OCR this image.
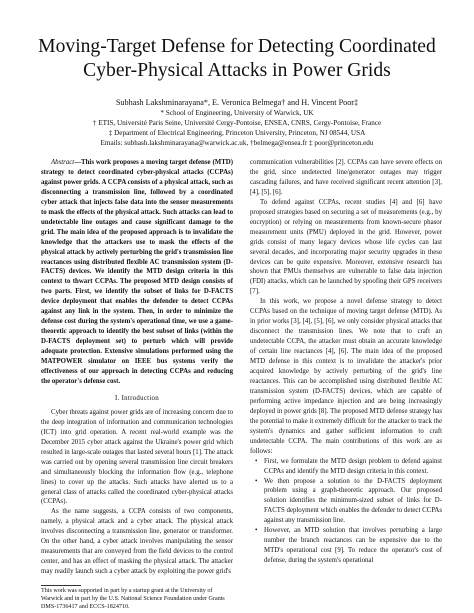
Moving-Target Defense for Detecting Coordinated Cyber-Physical Attacks in Power Grids
Subhash Lakshminarayana*, E. Veronica Belmega† and H. Vincent Poor‡
* School of Engineering, University of Warwick, UK
† ETIS, Université Paris Seine, Université Cergy-Pontoise, ENSEA, CNRS, Cergy-Pontoise, France
‡ Department of Electrical Engineering, Princeton University, Princeton, NJ 08544, USA
Emails: subhash.lakshminarayana@warwick.ac.uk, †belmega@ensea.fr ‡ poor@princeton.edu

Abstract—This work proposes a moving target defense (MTD) strategy to detect coordinated cyber-physical attacks (CCPAs) against power grids. A CCPA consists of a physical attack, such as disconnecting a transmission line, followed by a coordinated cyber attack that injects false data into the sensor measurements to mask the effects of the physical attack. Such attacks can lead to undetectable line outages and cause significant damage to the grid. The main idea of the proposed approach is to invalidate the knowledge that the attackers use to mask the effects of the physical attack by actively perturbing the grid's transmission line reactances using distributed flexible AC transmission system (D-FACTS) devices. We identify the MTD design criteria in this context to thwart CCPAs. The proposed MTD design consists of two parts. First, we identify the subset of links for D-FACTS device deployment that enables the defender to detect CCPAs against any link in the system. Then, in order to minimize the defense cost during the system's operational time, we use a game-theoretic approach to identify the best subset of links (within the D-FACTS deployment set) to perturb which will provide adequate protection. Extensive simulations performed using the MATPOWER simulator on IEEE bus systems verify the effectiveness of our approach in detecting CCPAs and reducing the operator's defense cost.

I. Introduction

Cyber threats against power grids are of increasing concern due to the deep integration of information and communication technologies (ICT) into grid operation. A recent real-world example was the December 2015 cyber attack against the Ukraine's power grid which resulted in large-scale outages that lasted several hours [1]. The attack was carried out by opening several transmission line circuit breakers and simultaneously blocking the information flow (e.g., telephone lines) to cover up the attacks. Such attacks have alerted us to a general class of attacks called the coordinated cyber-physical attacks (CCPAs).

As the name suggests, a CCPA consists of two components, namely, a physical attack and a cyber attack. The physical attack involves disconnecting a transmission line, generator or transformer. On the other hand, a cyber attack involves manipulating the sensor measurements that are conveyed from the field devices to the control center, and has an effect of masking the physical attack. The attacker may readily launch such a cyber attack by exploiting the power grid's

This work was supported in part by a startup grant at the University of Warwick and in part by the U.S. National Science Foundation under Grants DMS-1736417 and ECCS-1824710.

communication vulnerabilities [2]. CCPAs can have severe effects on the grid, since undetected line/generator outages may trigger cascading failures, and have received significant recent attention [3], [4], [5], [6].

To defend against CCPAs, recent studies [4] and [6] have proposed strategies based on securing a set of measurements (e.g., by encryption) or relying on measurements from known-secure phasor measurement units (PMU) deployed in the grid. However, power grids consist of many legacy devices whose life cycles can last several decades, and incorporating major security upgrades in these devices can be quite expensive. Moreover, extensive research has shown that PMUs themselves are vulnerable to false data injection (FDI) attacks, which can be launched by spoofing their GPS receivers [7].

In this work, we propose a novel defense strategy to detect CCPAs based on the technique of moving target defense (MTD). As in prior works [3], [4], [5], [6], we only consider physical attacks that disconnect the transmission lines. We note that to craft an undetectable CCPA, the attacker must obtain an accurate knowledge of certain line reactances [4], [6]. The main idea of the proposed MTD defense in this context is to invalidate the attacker's prior acquired knowledge by actively perturbing of the grid's line reactances. This can be accomplished using distributed flexible AC transmission system (D-FACTS) devices, which are capable of performing active impedance injection and are being increasingly deployed in power grids [8]. The proposed MTD defense strategy has the potential to make it extremely difficult for the attacker to track the system's dynamics and gather sufficient information to craft undetectable CCPA. The main contributions of this work are as follows:

• First, we formulate the MTD design problem to defend against CCPAs and identify the MTD design criteria in this context.
• We then propose a solution to the D-FACTS deployment problem using a graph-theoretic approach. Our proposed solution identifies the minimum-sized subset of links for D-FACTS deployment which enables the defender to detect CCPAs against any transmission line.
• However, an MTD solution that involves perturbing a large number the branch reactances can be expensive due to the MTD's operational cost [9]. To reduce the operator's cost of defense, during the system's operational
